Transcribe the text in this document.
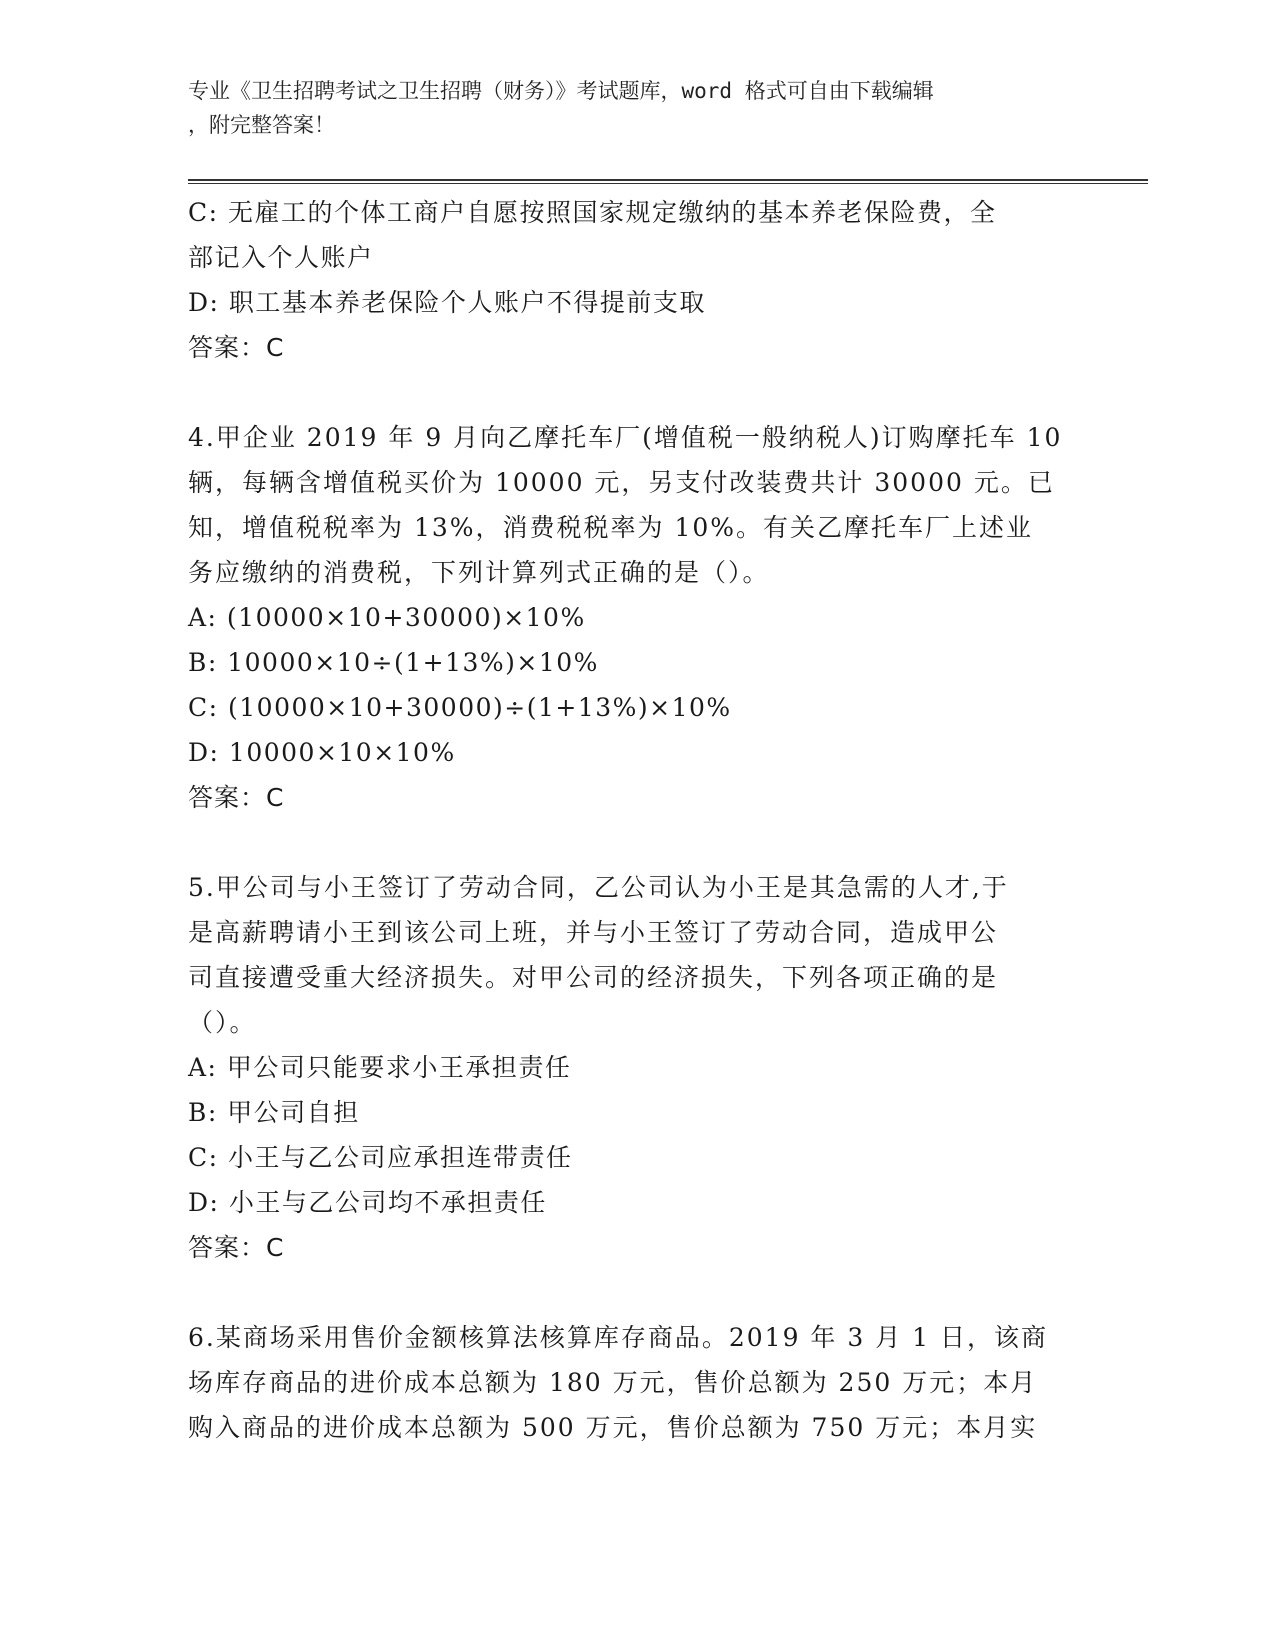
专业《卫生招聘考试之卫生招聘（财务）》考试题库，word 格式可自由下载编辑
，附完整答案！
C: 无雇工的个体工商户自愿按照国家规定缴纳的基本养老保险费，全
部记入个人账户
D: 职工基本养老保险个人账户不得提前支取
答案：C
4.甲企业 2019 年 9 月向乙摩托车厂(增值税一般纳税人)订购摩托车 10
辆，每辆含增值税买价为 10000 元，另支付改装费共计 30000 元。已
知，增值税税率为 13%，消费税税率为 10%。有关乙摩托车厂上述业
务应缴纳的消费税，下列计算列式正确的是（）。
A: (10000×10+30000)×10%
B: 10000×10÷(1+13%)×10%
C: (10000×10+30000)÷(1+13%)×10%
D: 10000×10×10%
答案：C
5.甲公司与小王签订了劳动合同，乙公司认为小王是其急需的人才,于
是高薪聘请小王到该公司上班，并与小王签订了劳动合同，造成甲公
司直接遭受重大经济损失。对甲公司的经济损失，下列各项正确的是
（）。
A: 甲公司只能要求小王承担责任
B: 甲公司自担
C: 小王与乙公司应承担连带责任
D: 小王与乙公司均不承担责任
答案：C
6.某商场采用售价金额核算法核算库存商品。2019 年 3 月 1 日，该商
场库存商品的进价成本总额为 180 万元，售价总额为 250 万元；本月
购入商品的进价成本总额为 500 万元，售价总额为 750 万元；本月实
